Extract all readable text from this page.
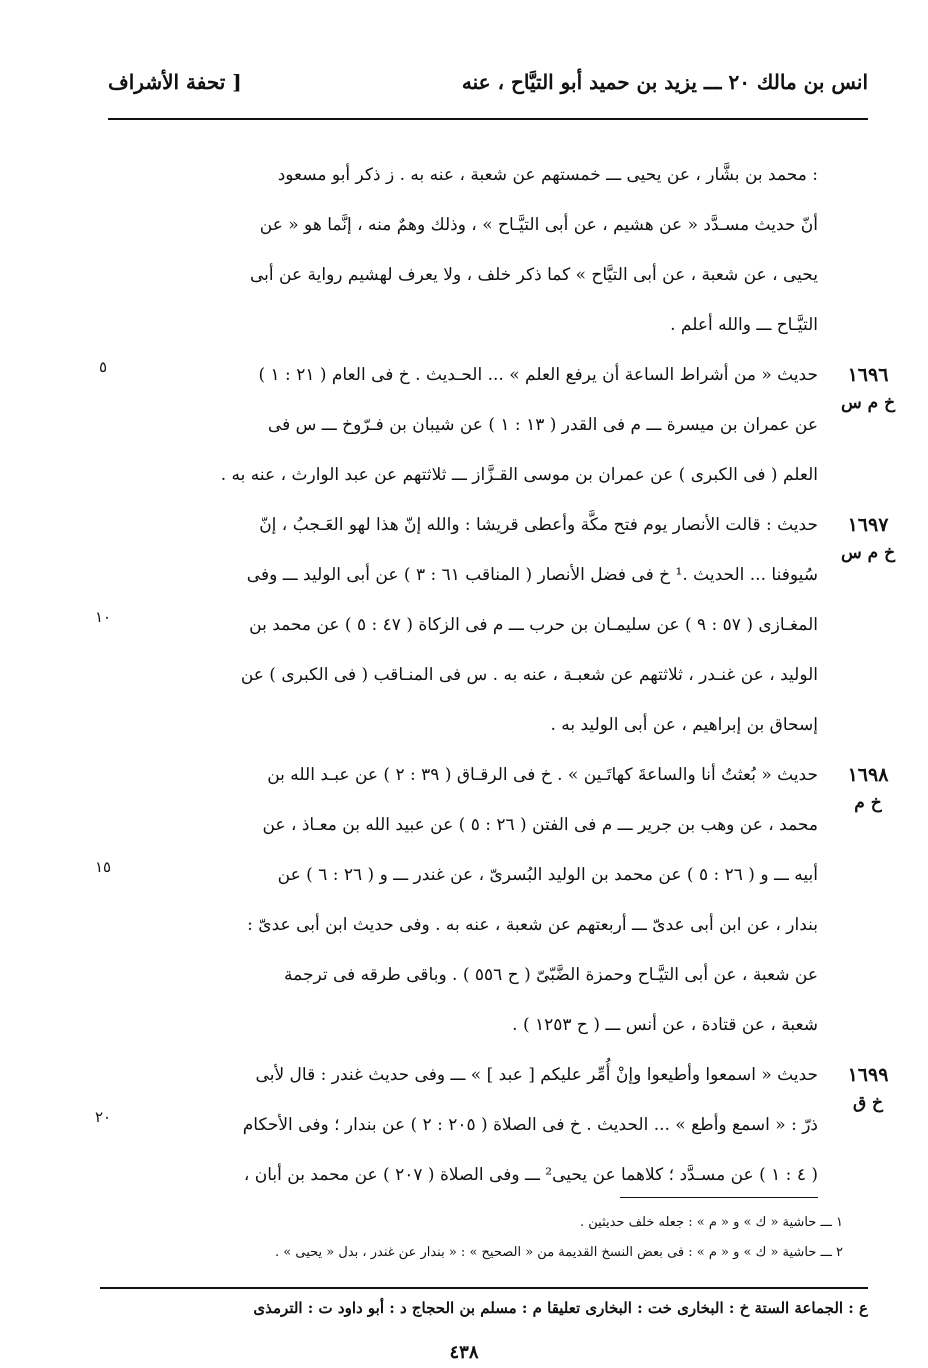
انس بن مالك ٢٠ ـــ يزيد بن حميد أبو التيَّاح ، عنه
[ تحفة الأشراف
: محمد بن بشَّار ، عن يحيى ـــ خمستهم عن شعبة ، عنه به . ز ذكر أبو مسعود
أنّ حديث مسـدَّد « عن هشيم ، عن أبى التيَّـاح » ، وذلك وهمٌ منه ، إنَّما هو « عن
يحيى ، عن شعبة ، عن أبى التيَّاح » كما ذكر خلف ، ولا يعرف لهشيم رواية عن أبى
التيَّـاح ـــ والله أعلم .
١٦٩٦
خ م س
حديث « من أشراط الساعة أن يرفع العلم » ... الحـديث . خ فى العام ( ٢١ : ١ )
عن عمران بن ميسرة ـــ م فى القدر ( ١٣ : ١ ) عن شيبان بن فـرّوخ ـــ س فى
العلم ( فى الكبرى ) عن عمران بن موسى القـزَّاز ـــ ثلاثتهم عن عبد الوارث ، عنه به .
٥
١٦٩٧
خ م س
حديث : قالت الأنصار يوم فتح مكَّة وأعطى قريشا : والله إنّ هذا لهو العَـجبُ ، إنّ
سُيوفنا ... الحديث .¹ خ فى فضل الأنصار ( المناقب ٦١ : ٣ ) عن أبى الوليد ـــ وفى
المغـازى ( ٥٧ : ٩ ) عن سليمـان بن حرب ـــ م فى الزكاة ( ٤٧ : ٥ ) عن محمد بن
الوليد ، عن غنـدر ، ثلاثتهم عن شعبـة ، عنه به . س فى المنـاقب ( فى الكبرى ) عن
إسحاق بن إبراهيم ، عن أبى الوليد به .
١٠
١٦٩٨
خ م
حديث « بُعثتُ أنا والساعةَ كهاتَـين » . خ فى الرقـاق ( ٣٩ : ٢ ) عن عبـد الله بن
محمد ، عن وهب بن جرير ـــ م فى الفتن ( ٢٦ : ٥ ) عن عبيد الله بن معـاذ ، عن
أبيه ـــ و ( ٢٦ : ٥ ) عن محمد بن الوليد البُسرىّ ، عن غندر ـــ و ( ٢٦ : ٦ ) عن
بندار ، عن ابن أبى عدىّ ـــ أربعتهم عن شعبة ، عنه به . وفى حديث ابن أبى عدىّ :
عن شعبة ، عن أبى التيَّـاح وحمزة الضَّبّىّ ( ح ٥٥٦ ) . وباقى طرقه فى ترجمة
شعبة ، عن قتادة ، عن أنس ـــ ( ح ١٢٥٣ ) .
١٥
١٦٩٩
خ ق
حديث « اسمعوا وأطيعوا وإنْ أُمِّر عليكم [ عبد ] » ـــ وفى حديث غندر : قال لأبى
ذرّ : « اسمع وأطع » ... الحديث . خ فى الصلاة ( ٢٠٥ : ٢ ) عن بندار ؛ وفى الأحكام
( ٤ : ١ ) عن مسـدَّد ؛ كلاهما عن يحيى² ـــ وفى الصلاة ( ٢٠٧ ) عن محمد بن أبان ،
٢٠
١ ـــ حاشية « ك » و « م » : جعله خلف حديثين .
٢ ـــ حاشية « ك » و « م » : فى بعض النسخ القديمة من « الصحيح » : « بندار عن غندر ، بدل « يحيى » .
ع : الجماعة الستة خ : البخارى خت : البخارى تعليقا م : مسلم بن الحجاج د : أبو داود ت : الترمذى
٤٣٨
